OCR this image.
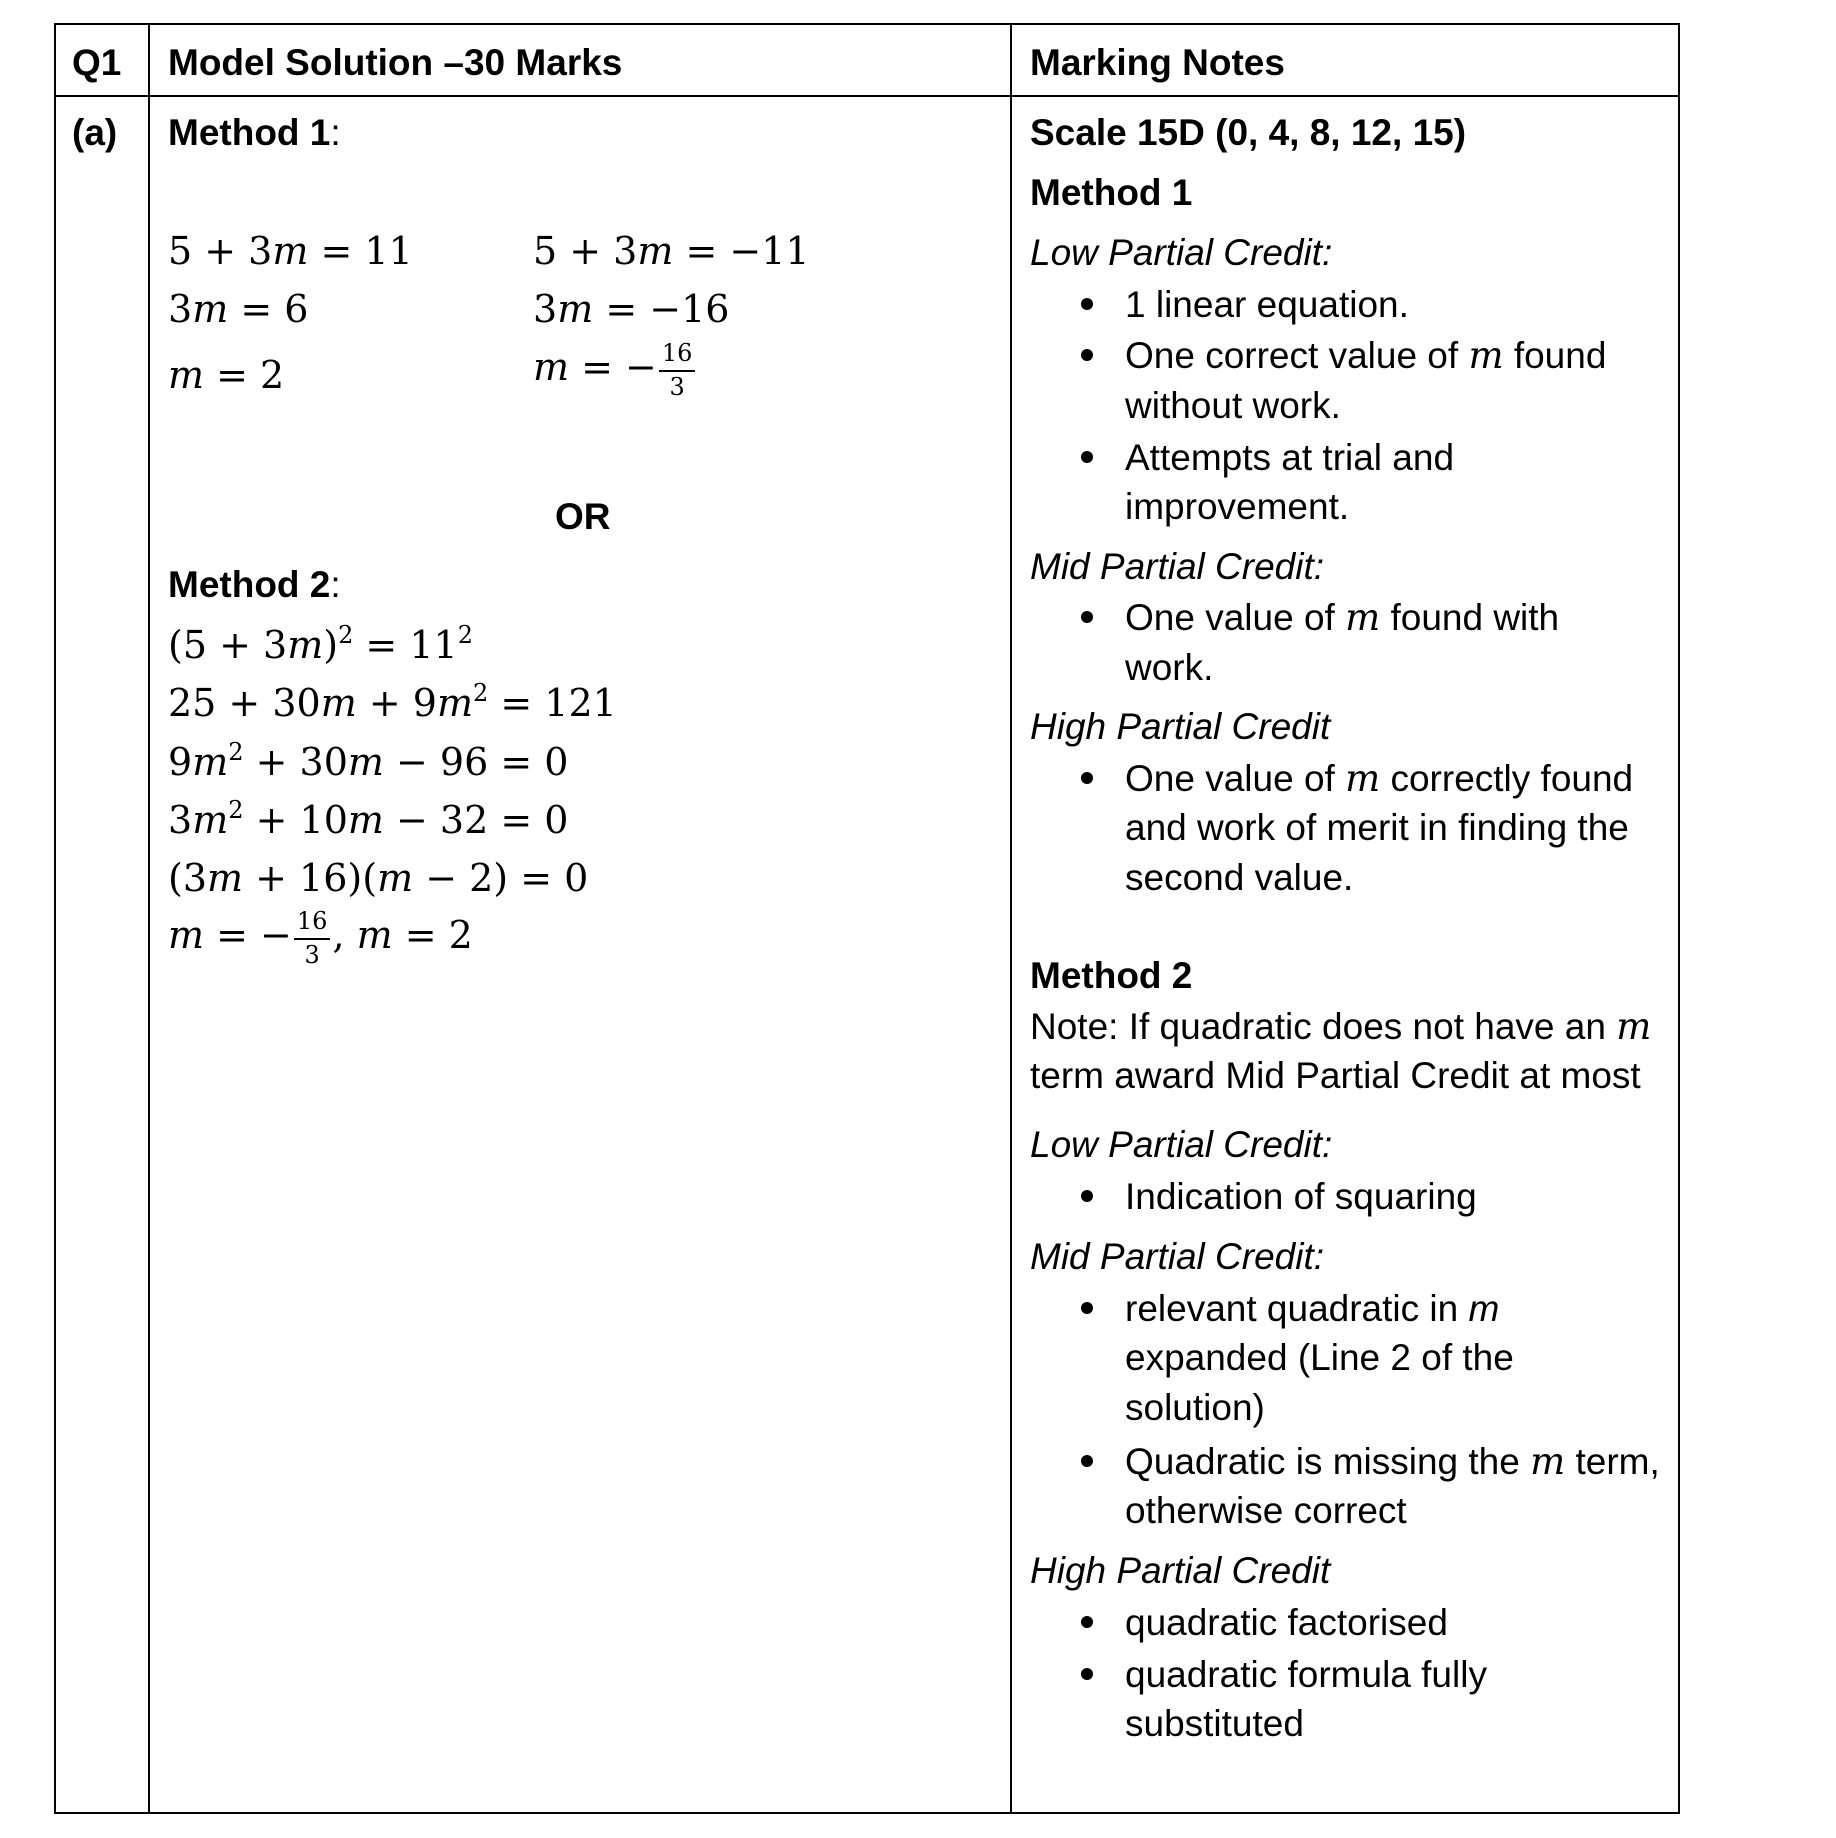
Q1 Model Solution –30 Marks	Marking Notes
(a) Method 1:
5 + 3m = 11
3m = 6
m = 2
5 + 3m = −11
3m = −16
m = − $\frac{16}{3}$
OR
Method 2:
$(5 + 3m)^2 = 11^2$
$25 + 30m + 9m^2 = 121$
$9m^2 + 30m - 96 = 0$
$3m^2 + 10m - 32 = 0$
(3m + 16)(m − 2) = 0
m = − $\frac{16}{3}$ , m = 2
Scale 15D (0, 4, 8, 12, 15)
Method 1
Low Partial Credit:
1 linear equation.
One correct value of m found
without work.
Attempts at trial and
improvement.
Mid Partial Credit:
One value of m found with
work.
High Partial Credit
One value of m correctly found
and work of merit in finding the
second value.
Method 2
Note: If quadratic does not have an m
term award Mid Partial Credit at most
Low Partial Credit:
Indication of squaring
Mid Partial Credit:
relevant quadratic in m
expanded (Line 2 of the
solution)
Quadratic is missing the m term,
otherwise correct
High Partial Credit
quadratic factorised
quadratic formula fully
substituted
